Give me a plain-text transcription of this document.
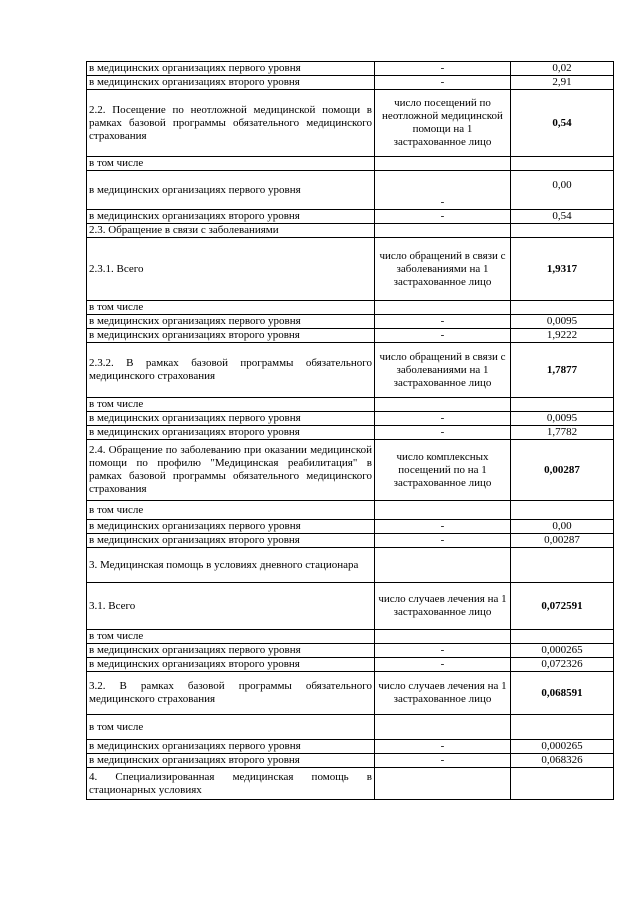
в медицинских организациях первого уровня	-	0,02
в медицинских организациях второго уровня	-	2,91
2.2. Посещение по неотложной медицинской помощи в рамках базовой программы обязательного медицинского страхования	число посещений по неотложной медицинской помощи на 1 застрахованное лицо	0,54
в том числе		
в медицинских организациях первого уровня	-	0,00
в медицинских организациях второго уровня	-	0,54
2.3. Обращение в связи с заболеваниями		
2.3.1. Всего	число обращений в связи с заболеваниями на 1 застрахованное лицо	1,9317
в том числе		
в медицинских организациях первого уровня	-	0,0095
в медицинских организациях второго уровня	-	1,9222
2.3.2. В рамках базовой программы обязательного медицинского страхования	число обращений в связи с заболеваниями на 1 застрахованное лицо	1,7877
в том числе		
в медицинских организациях первого уровня	-	0,0095
в медицинских организациях второго уровня	-	1,7782
2.4. Обращение по заболеванию при оказании медицинской помощи по профилю "Медицинская реабилитация" в рамках базовой программы обязательного медицинского страхования	число комплексных посещений по на 1 застрахованное лицо	0,00287
в том числе		
в медицинских организациях первого уровня	-	0,00
в медицинских организациях второго уровня	-	0,00287
3. Медицинская помощь в условиях дневного стационара		
3.1. Всего	число случаев лечения на 1 застрахованное лицо	0,072591
в том числе		
в медицинских организациях первого уровня	-	0,000265
в медицинских организациях второго уровня	-	0,072326
3.2. В рамках базовой программы обязательного медицинского страхования	число случаев лечения на 1 застрахованное лицо	0,068591
в том числе		
в медицинских организациях первого уровня	-	0,000265
в медицинских организациях второго уровня	-	0,068326
4. Специализированная медицинская помощь в стационарных условиях		
